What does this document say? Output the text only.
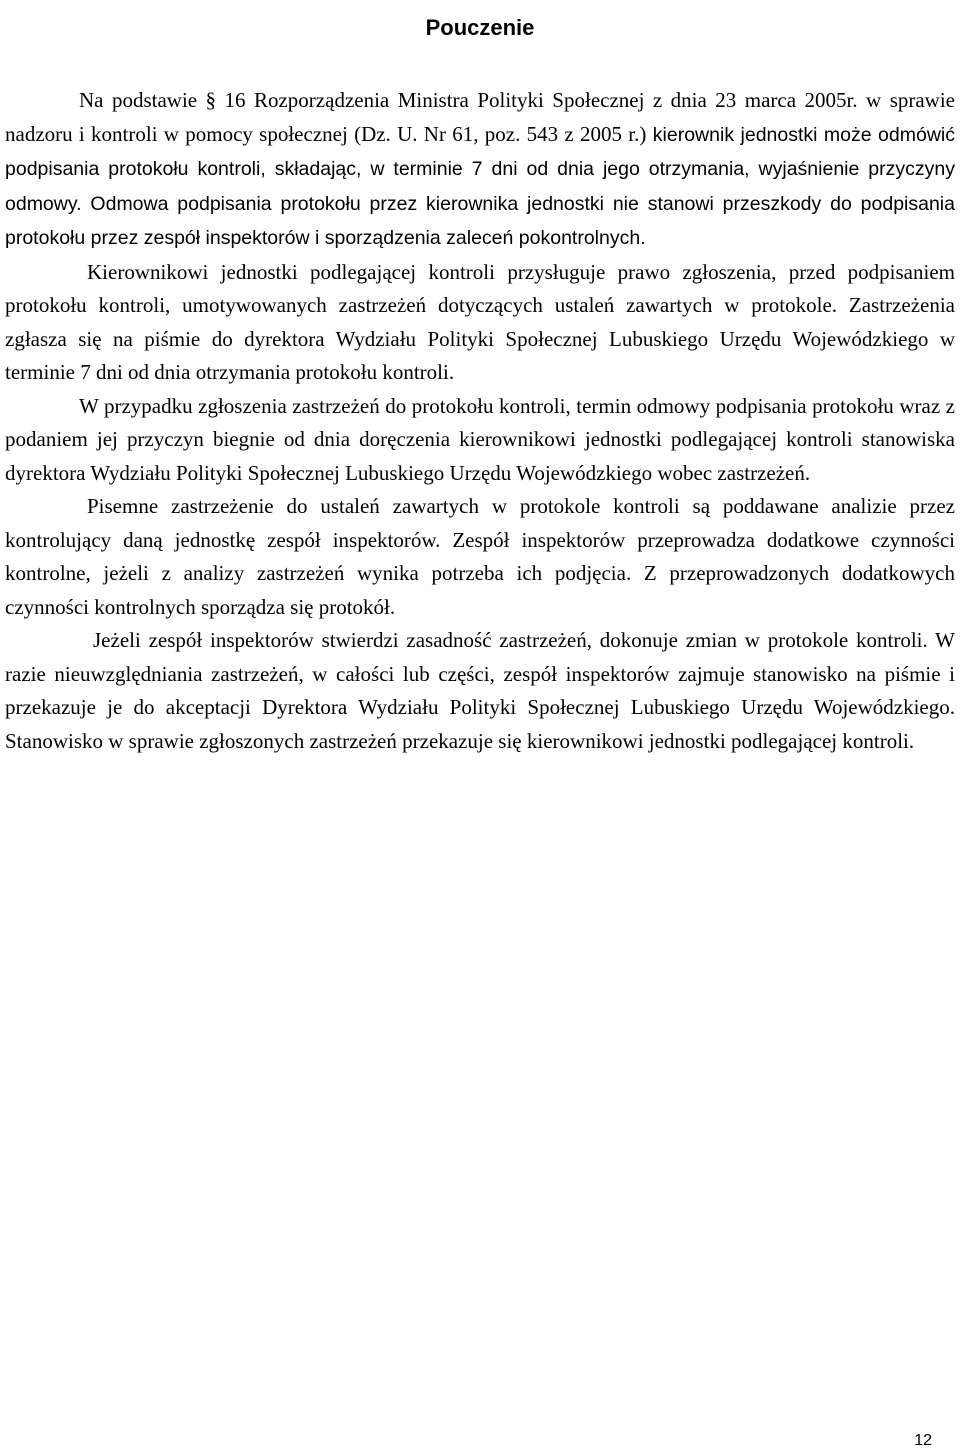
Pouczenie

Na podstawie § 16 Rozporządzenia Ministra Polityki Społecznej z dnia 23 marca 2005r. w sprawie nadzoru i kontroli w pomocy społecznej (Dz. U. Nr 61, poz. 543 z 2005 r.) kierownik jednostki może odmówić podpisania protokołu kontroli, składając, w terminie 7 dni od dnia jego otrzymania, wyjaśnienie przyczyny odmowy. Odmowa podpisania protokołu przez kierownika jednostki nie stanowi przeszkody do podpisania protokołu przez zespół inspektorów i sporządzenia zaleceń pokontrolnych.

Kierownikowi jednostki podlegającej kontroli przysługuje prawo zgłoszenia, przed podpisaniem protokołu kontroli, umotywowanych zastrzeżeń dotyczących ustaleń zawartych w protokole. Zastrzeżenia zgłasza się na piśmie do dyrektora Wydziału Polityki Społecznej Lubuskiego Urzędu Wojewódzkiego w terminie 7 dni od dnia otrzymania protokołu kontroli.

W przypadku zgłoszenia zastrzeżeń do protokołu kontroli, termin odmowy podpisania protokołu wraz z podaniem jej przyczyn biegnie od dnia doręczenia kierownikowi jednostki podlegającej kontroli stanowiska dyrektora Wydziału Polityki Społecznej Lubuskiego Urzędu Wojewódzkiego wobec zastrzeżeń.

Pisemne zastrzeżenie do ustaleń zawartych w protokole kontroli są poddawane analizie przez kontrolujący daną jednostkę zespół inspektorów. Zespół inspektorów przeprowadza dodatkowe czynności kontrolne, jeżeli z analizy zastrzeżeń wynika potrzeba ich podjęcia. Z przeprowadzonych dodatkowych czynności kontrolnych sporządza się protokół.

Jeżeli zespół inspektorów stwierdzi zasadność zastrzeżeń, dokonuje zmian w protokole kontroli. W razie nieuwzględniania zastrzeżeń, w całości lub części, zespół inspektorów zajmuje stanowisko na piśmie i przekazuje je do akceptacji Dyrektora Wydziału Polityki Społecznej Lubuskiego Urzędu Wojewódzkiego. Stanowisko w sprawie zgłoszonych zastrzeżeń przekazuje się kierownikowi jednostki podlegającej kontroli.

12
